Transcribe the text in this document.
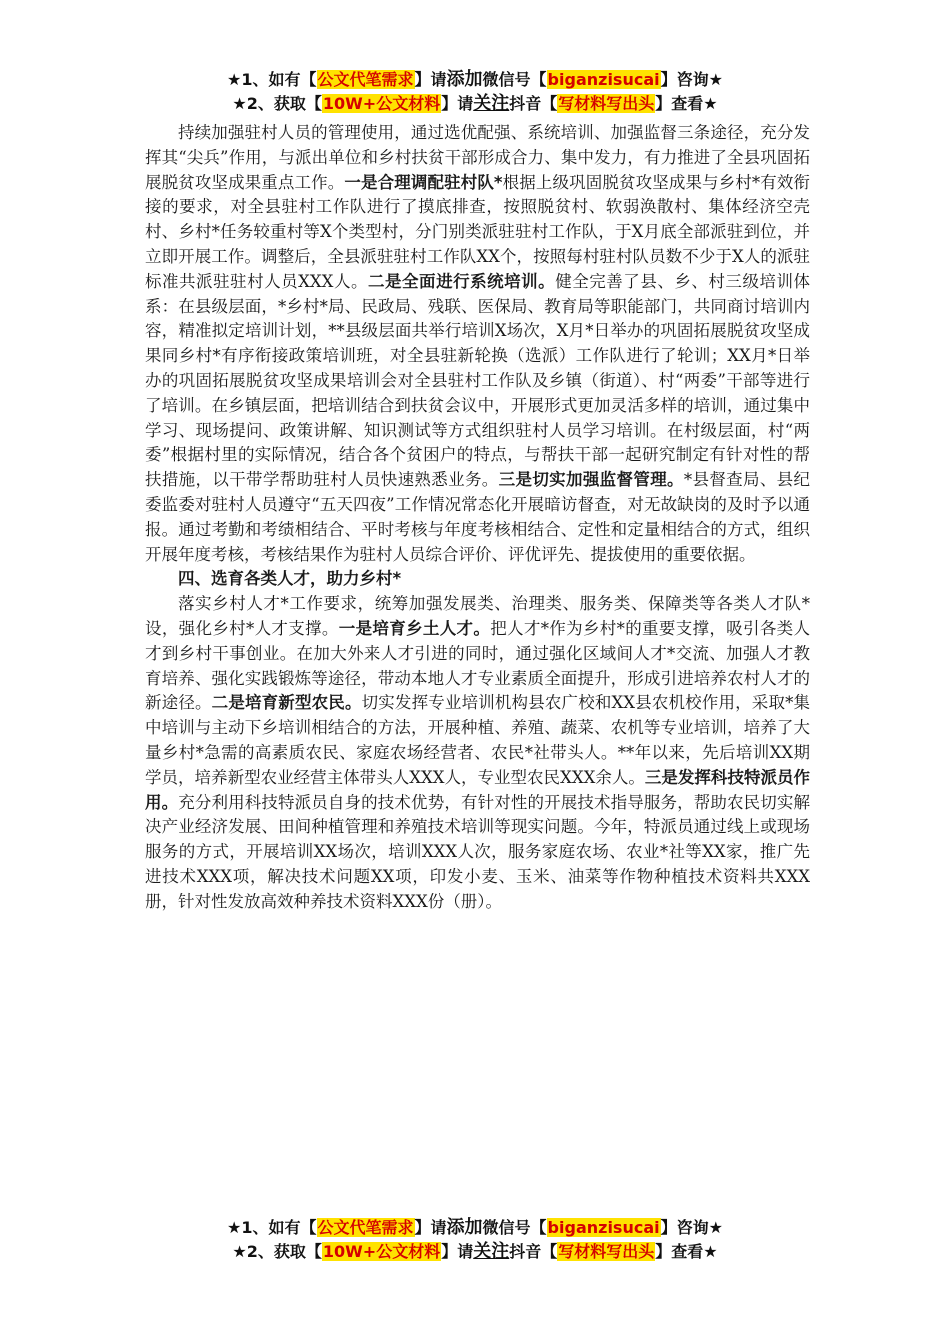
★1、如有【公文代笔需求】请添加微信号【biganzisucai】咨询★
★2、获取【10W+公文材料】请关注抖音【写材料写出头】查看★

持续加强驻村人员的管理使用，通过选优配强、系统培训、加强监督三条途径，充分发挥其“尖兵”作用，与派出单位和乡村扶贫干部形成合力、集中发力，有力推进了全县巩固拓展脱贫攻坚成果重点工作。一是合理调配驻村队*根据上级巩固脱贫攻坚成果与乡村*有效衔接的要求，对全县驻村工作队进行了摸底排查，按照脱贫村、软弱涣散村、集体经济空壳村、乡村*任务较重村等X个类型村，分门别类派驻驻村工作队，于X月底全部派驻到位，并立即开展工作。调整后，全县派驻驻村工作队XX个，按照每村驻村队员数不少于X人的派驻标准共派驻驻村人员XXX人。二是全面进行系统培训。健全完善了县、乡、村三级培训体系：在县级层面，*乡村*局、民政局、残联、医保局、教育局等职能部门，共同商讨培训内容，精准拟定培训计划，**县级层面共举行培训X场次，X月*日举办的巩固拓展脱贫攻坚成果同乡村*有序衔接政策培训班，对全县驻新轮换（选派）工作队进行了轮训；XX月*日举办的巩固拓展脱贫攻坚成果培训会对全县驻村工作队及乡镇（街道）、村“两委”干部等进行了培训。在乡镇层面，把培训结合到扶贫会议中，开展形式更加灵活多样的培训，通过集中学习、现场提问、政策讲解、知识测试等方式组织驻村人员学习培训。在村级层面，村“两委”根据村里的实际情况，结合各个贫困户的特点，与帮扶干部一起研究制定有针对性的帮扶措施，以干带学帮助驻村人员快速熟悉业务。三是切实加强监督管理。*县督查局、县纪委监委对驻村人员遵守“五天四夜”工作情况常态化开展暗访督查，对无故缺岗的及时予以通报。通过考勤和考绩相结合、平时考核与年度考核相结合、定性和定量相结合的方式，组织开展年度考核，考核结果作为驻村人员综合评价、评优评先、提拔使用的重要依据。

四、选育各类人才，助力乡村*

落实乡村人才*工作要求，统筹加强发展类、治理类、服务类、保障类等各类人才队*设，强化乡村*人才支撑。一是培育乡土人才。把人才*作为乡村*的重要支撑，吸引各类人才到乡村干事创业。在加大外来人才引进的同时，通过强化区域间人才*交流、加强人才教育培养、强化实践锻炼等途径，带动本地人才专业素质全面提升，形成引进培养农村人才的新途径。二是培育新型农民。切实发挥专业培训机构县农广校和XX县农机校作用，采取*集中培训与主动下乡培训相结合的方法，开展种植、养殖、蔬菜、农机等专业培训，培养了大量乡村*急需的高素质农民、家庭农场经营者、农民*社带头人。**年以来，先后培训XX期学员，培养新型农业经营主体带头人XXX人，专业型农民XXX余人。三是发挥科技特派员作用。充分利用科技特派员自身的技术优势，有针对性的开展技术指导服务，帮助农民切实解决产业经济发展、田间种植管理和养殖技术培训等现实问题。今年，特派员通过线上或现场服务的方式，开展培训XX场次，培训XXX人次，服务家庭农场、农业*社等XX家，推广先进技术XXX项，解决技术问题XX项，印发小麦、玉米、油菜等作物种植技术资料共XXX册，针对性发放高效种养技术资料XXX份（册）。

★1、如有【公文代笔需求】请添加微信号【biganzisucai】咨询★
★2、获取【10W+公文材料】请关注抖音【写材料写出头】查看★
